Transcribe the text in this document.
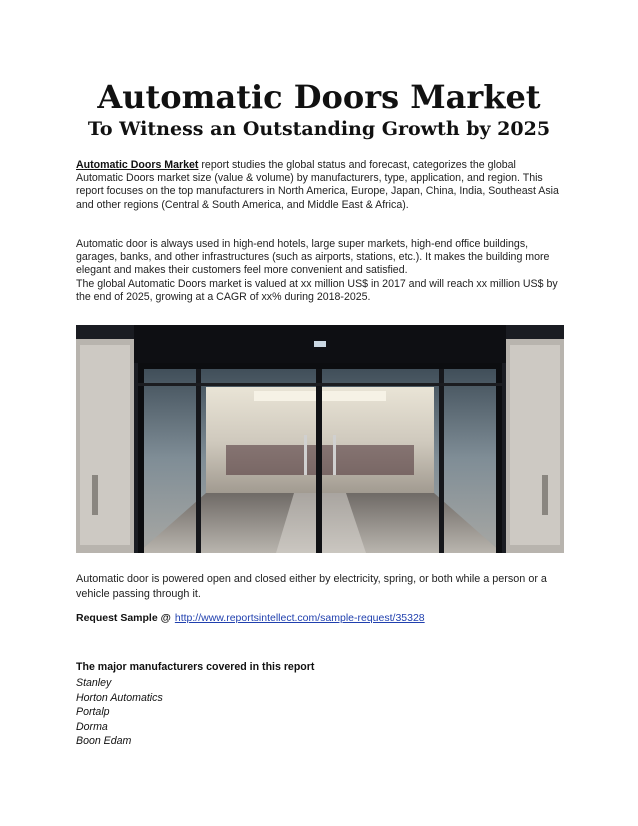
Automatic Doors Market
To Witness an Outstanding Growth by 2025

Automatic Doors Market report studies the global status and forecast, categorizes the global Automatic Doors market size (value & volume) by manufacturers, type, application, and region. This report focuses on the top manufacturers in North America, Europe, Japan, China, India, Southeast Asia and other regions (Central & South America, and Middle East & Africa).

Automatic door is always used in high-end hotels, large super markets, high-end office buildings, garages, banks, and other infrastructures (such as airports, stations, etc.). It makes the building more elegant and makes their customers feel more convenient and satisfied.
The global Automatic Doors market is valued at xx million US$ in 2017 and will reach xx million US$ by the end of 2025, growing at a CAGR of xx% during 2018-2025.

Automatic door is powered open and closed either by electricity, spring, or both while a person or a vehicle passing through it.

Request Sample @ http://www.reportsintellect.com/sample-request/35328

The major manufacturers covered in this report

Stanley
Horton Automatics
Portalp
Dorma
Boon Edam
